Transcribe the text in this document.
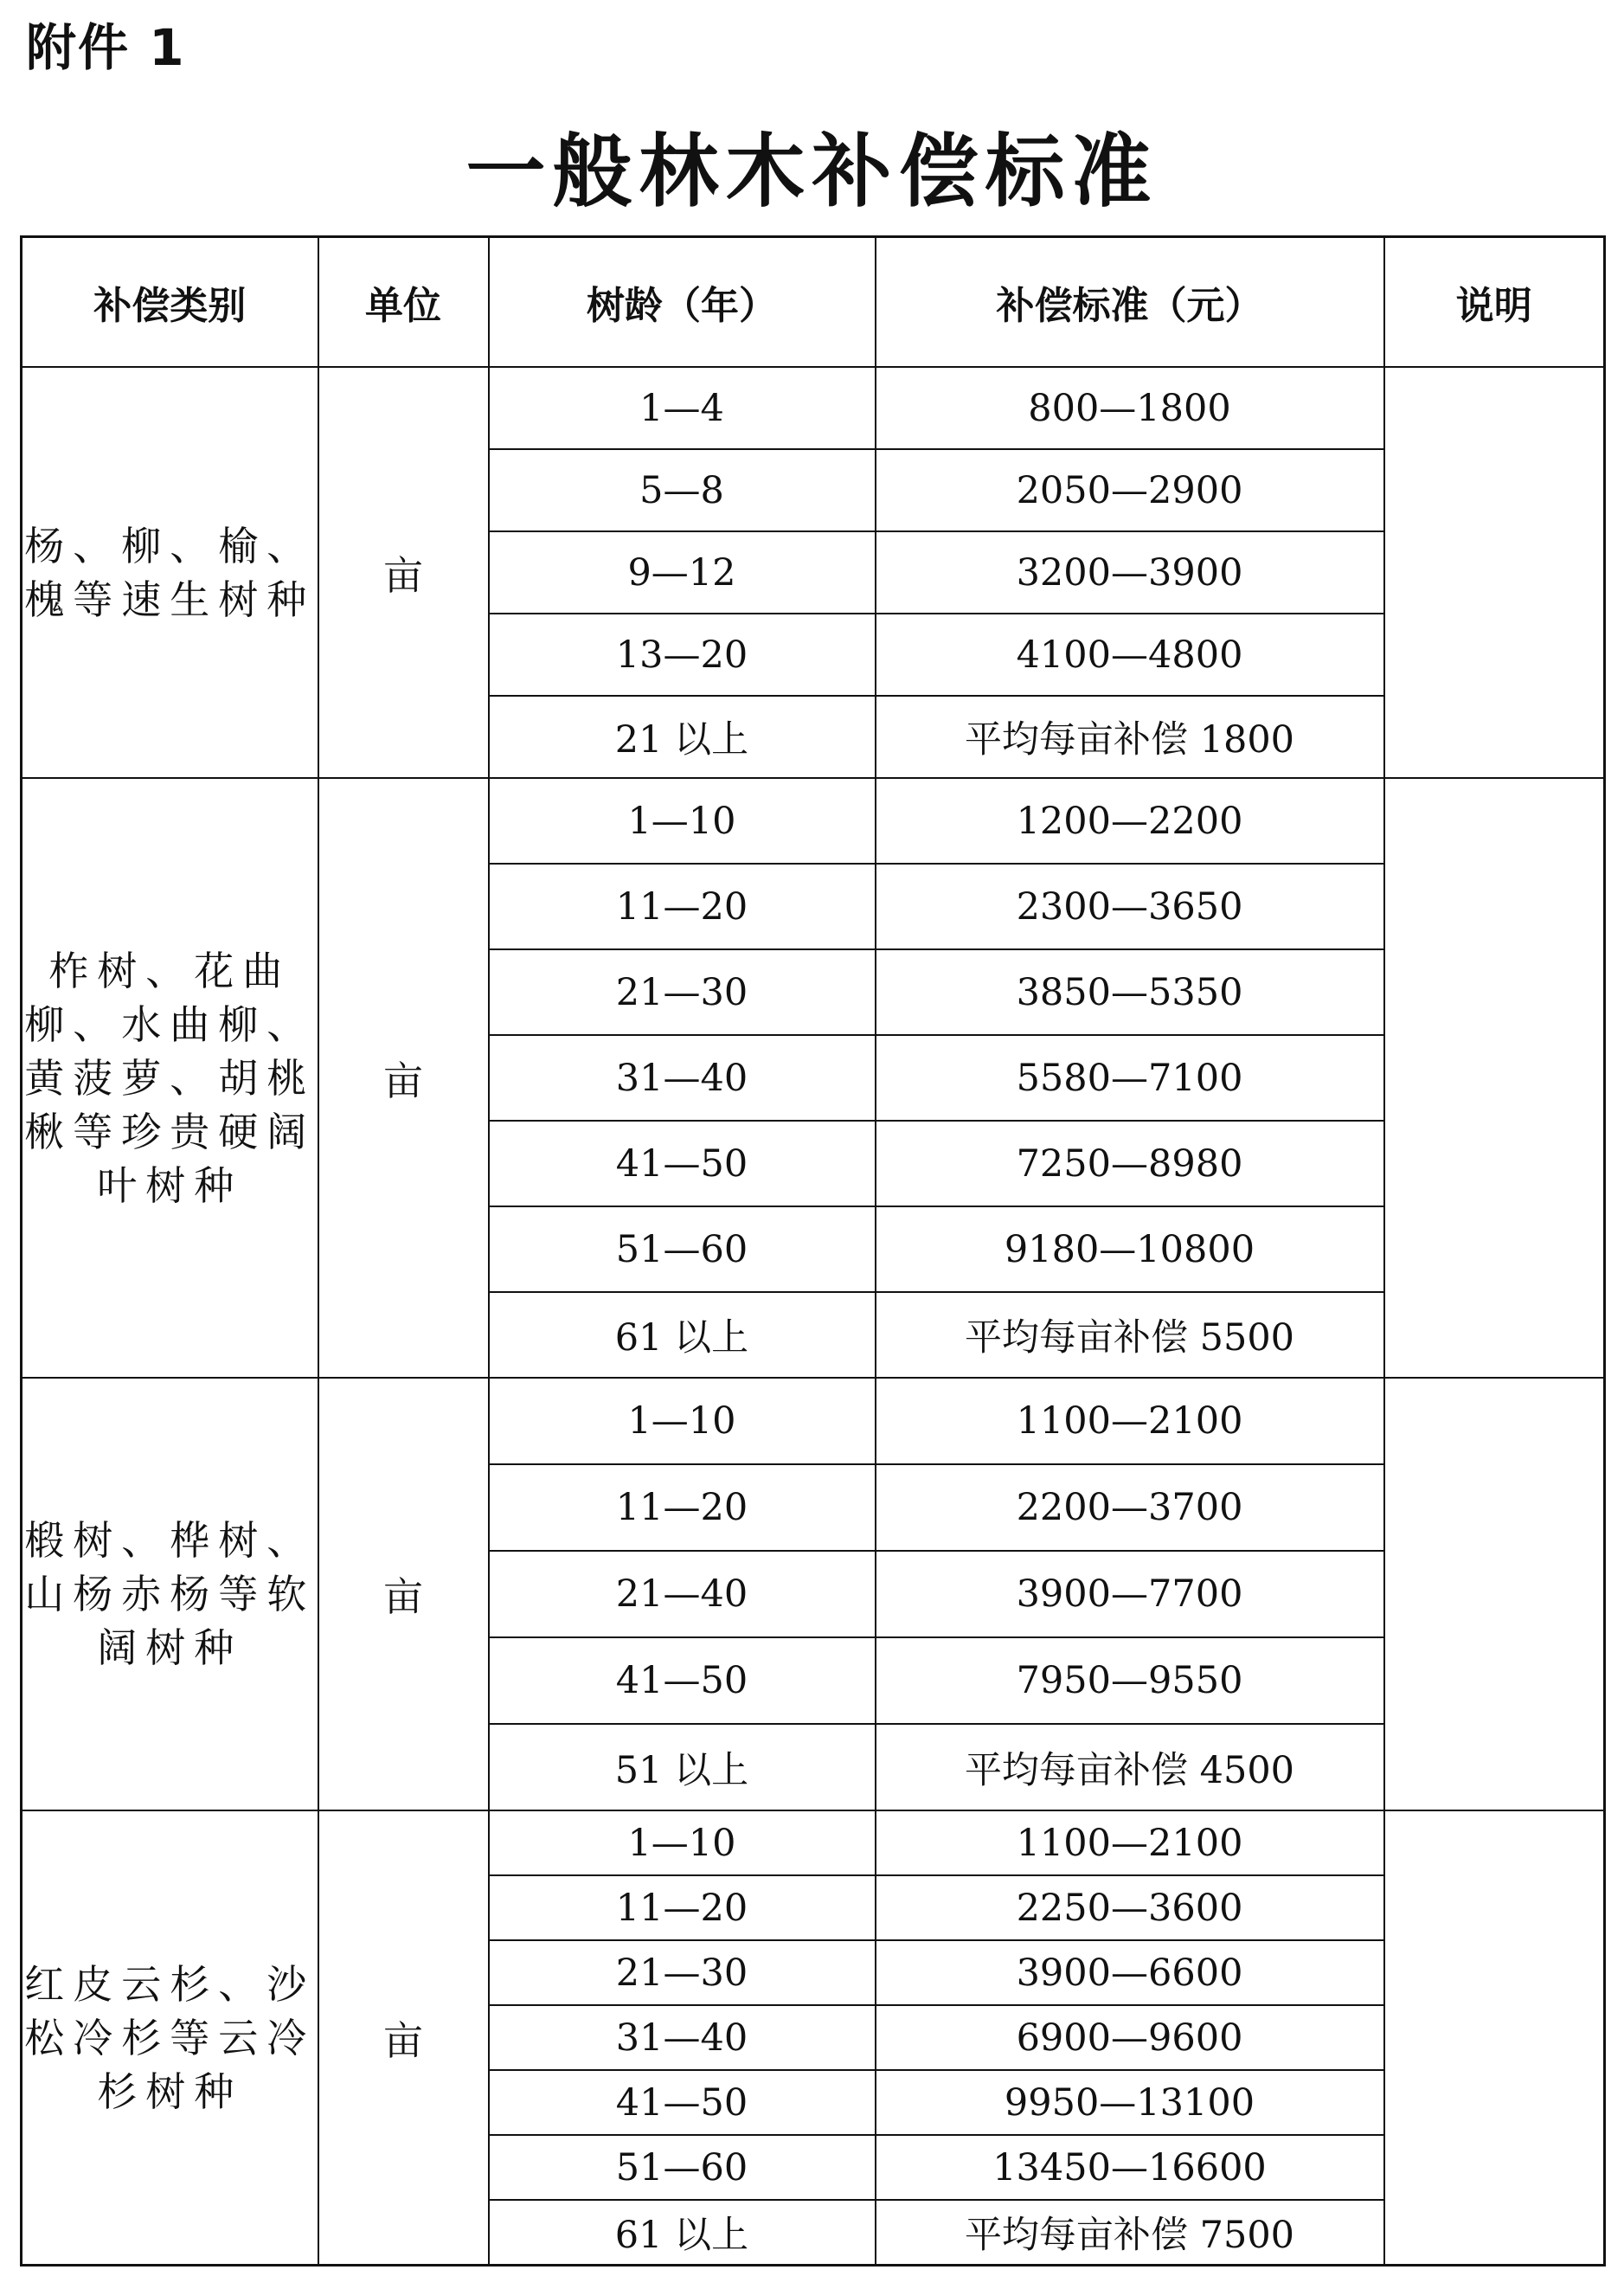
附件 1
一般林木补偿标准
补偿类别	单位	树龄（年）	补偿标准（元）	说明
杨、柳、榆、槐等速生树种	亩	1—4	800—1800	
		5—8	2050—2900	
		9—12	3200—3900	
		13—20	4100—4800	
		21 以上	平均每亩补偿 1800	
柞树、花曲柳、水曲柳、黄菠萝、胡桃楸等珍贵硬阔叶树种	亩	1—10	1200—2200	
		11—20	2300—3650	
		21—30	3850—5350	
		31—40	5580—7100	
		41—50	7250—8980	
		51—60	9180—10800	
		61 以上	平均每亩补偿 5500	
椴树、桦树、山杨赤杨等软阔树种	亩	1—10	1100—2100	
		11—20	2200—3700	
		21—40	3900—7700	
		41—50	7950—9550	
		51 以上	平均每亩补偿 4500	
红皮云杉、沙松冷杉等云冷杉树种	亩	1—10	1100—2100	
		11—20	2250—3600	
		21—30	3900—6600	
		31—40	6900—9600	
		41—50	9950—13100	
		51—60	13450—16600	
		61 以上	平均每亩补偿 7500	
